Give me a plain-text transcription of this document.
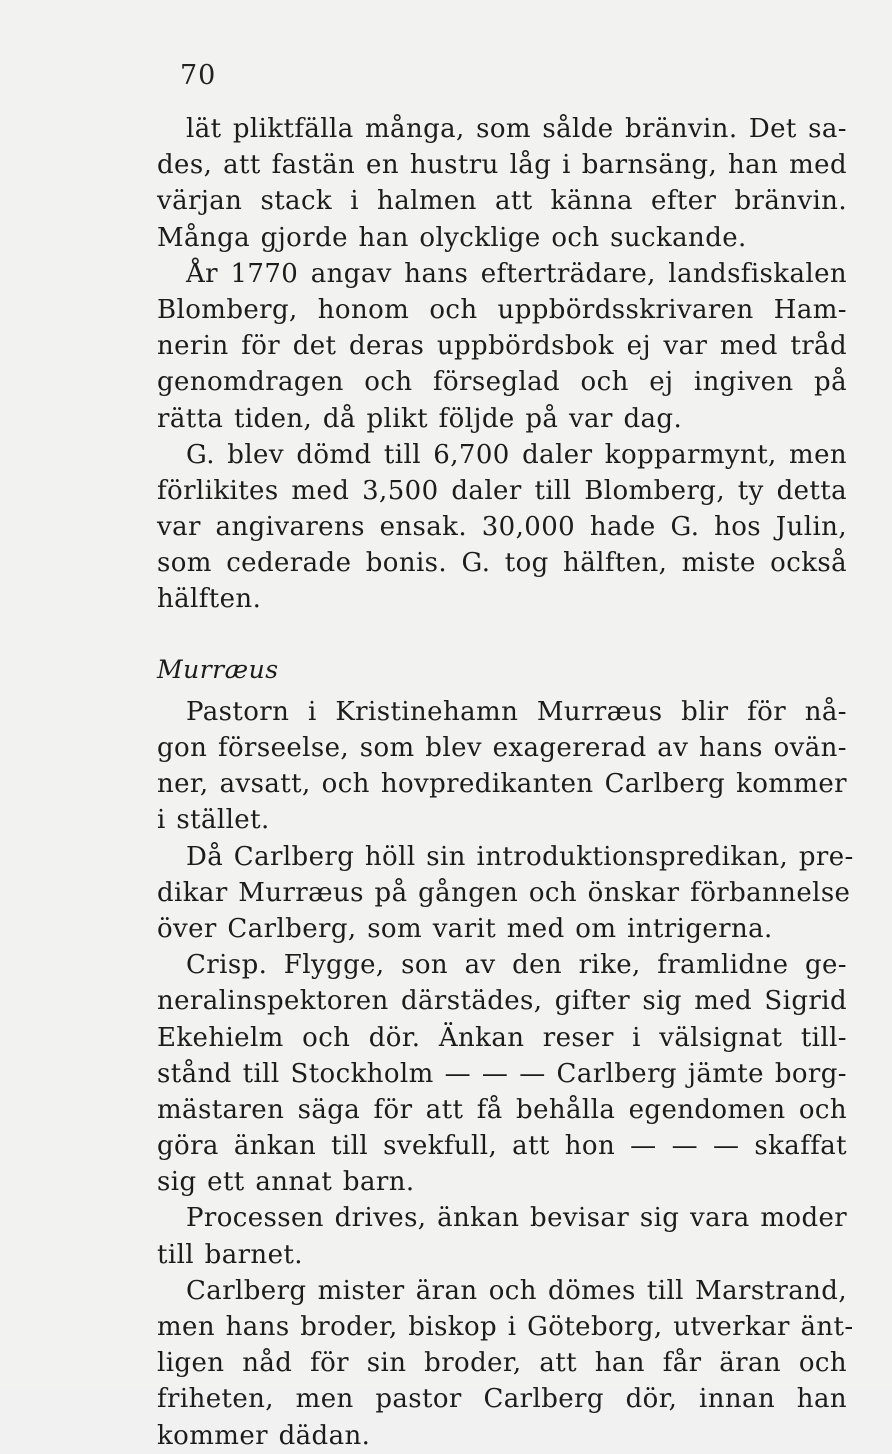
70
lät pliktfälla många, som sålde bränvin. Det sa-
des, att fastän en hustru låg i barnsäng, han med
värjan stack i halmen att känna efter bränvin.
Många gjorde han olycklige och suckande.
År 1770 angav hans efterträdare, landsfiskalen
Blomberg, honom och uppbördsskrivaren Ham-
nerin för det deras uppbördsbok ej var med tråd
genomdragen och förseglad och ej ingiven på
rätta tiden, då plikt följde på var dag.
G. blev dömd till 6,700 daler kopparmynt, men
förlikites med 3,500 daler till Blomberg, ty detta
var angivarens ensak. 30,000 hade G. hos Julin,
som cederade bonis. G. tog hälften, miste också
hälften.
Murræus
Pastorn i Kristinehamn Murræus blir för nå-
gon förseelse, som blev exagererad av hans ovän-
ner, avsatt, och hovpredikanten Carlberg kommer
i stället.
Då Carlberg höll sin introduktionspredikan, pre-
dikar Murræus på gången och önskar förbannelse
över Carlberg, som varit med om intrigerna.
Crisp. Flygge, son av den rike, framlidne ge-
neralinspektoren därstädes, gifter sig med Sigrid
Ekehielm och dör. Änkan reser i välsignat till-
stånd till Stockholm — — — Carlberg jämte borg-
mästaren säga för att få behålla egendomen och
göra änkan till svekfull, att hon — — — skaffat
sig ett annat barn.
Processen drives, änkan bevisar sig vara moder
till barnet.
Carlberg mister äran och dömes till Marstrand,
men hans broder, biskop i Göteborg, utverkar änt-
ligen nåd för sin broder, att han får äran och
friheten, men pastor Carlberg dör, innan han
kommer dädan.
